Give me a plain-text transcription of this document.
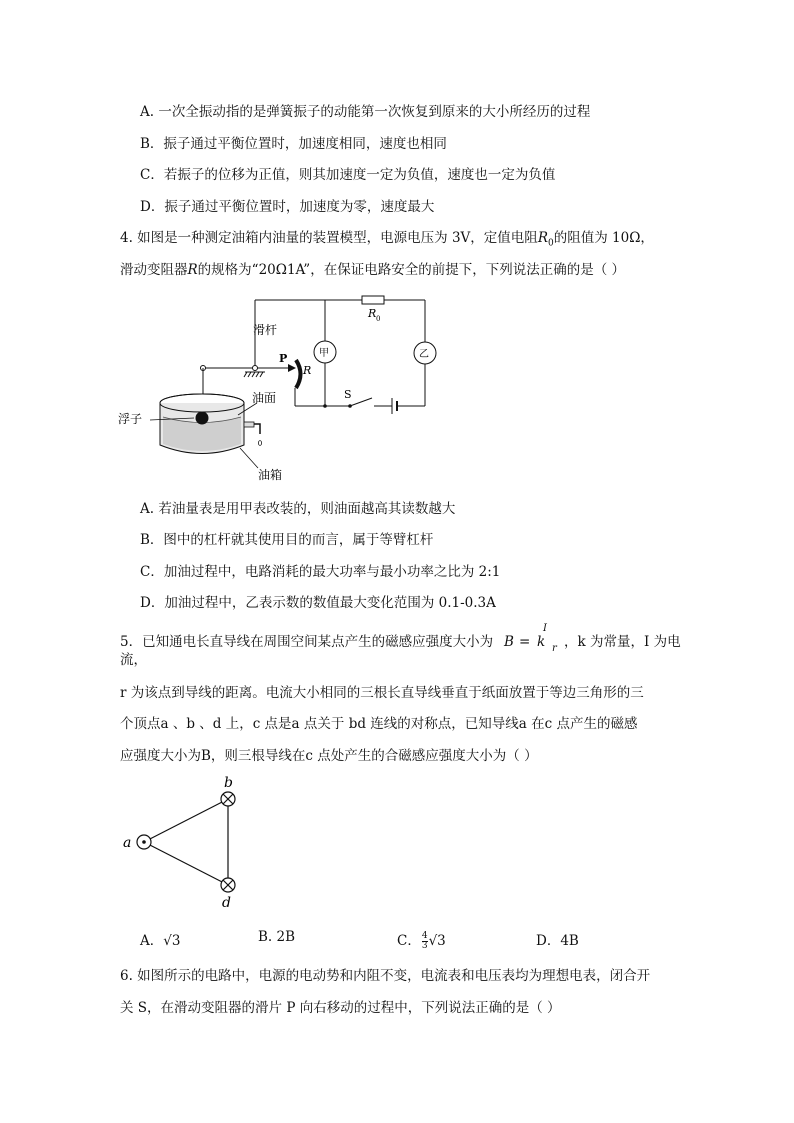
A. 一次全振动指的是弹簧振子的动能第一次恢复到原来的大小所经历的过程
B．振子通过平衡位置时，加速度相同，速度也相同
C．若振子的位移为正值，则其加速度一定为负值，速度也一定为负值
D．振子通过平衡位置时，加速度为零，速度最大
4. 如图是一种测定油箱内油量的装置模型，电源电压为 3V，定值电阻$R_0$的阻值为 10Ω，
滑动变阻器R的规格为“20Ω1A”，在保证电路安全的前提下，下列说法正确的是（ ）
滑杆
P
R
R 0
甲	乙
S
浮子
油面
油箱
A. 若油量表是用甲表改装的，则油面越高其读数越大
B．图中的杠杆就其使用目的而言，属于等臂杠杆
C．加油过程中，电路消耗的最大功率与最小功率之比为 2:1
D．加油过程中，乙表示数的数值最大变化范围为 0.1-0.3A
5．已知通电长直导线在周围空间某点产生的磁感应强度大小为 B = k
I
r ，k 为常量，I 为电
流，
r 为该点到导线的距离。电流大小相同的三根长直导线垂直于纸面放置于等边三角形的三
个顶点a 、b 、d 上，c 点是a 点关于 bd 连线的对称点，已知导线a 在c 点产生的磁感
应强度大小为B，则三根导线在c 点处产生的合磁感应强度大小为（ ）
a
b
d
A．√3	B. 2B	C． $\frac{4}{3} √3$	D．4B
6. 如图所示的电路中，电源的电动势和内阻不变，电流表和电压表均为理想电表，闭合开
关 S，在滑动变阻器的滑片 P 向右移动的过程中，下列说法正确的是（ ）
